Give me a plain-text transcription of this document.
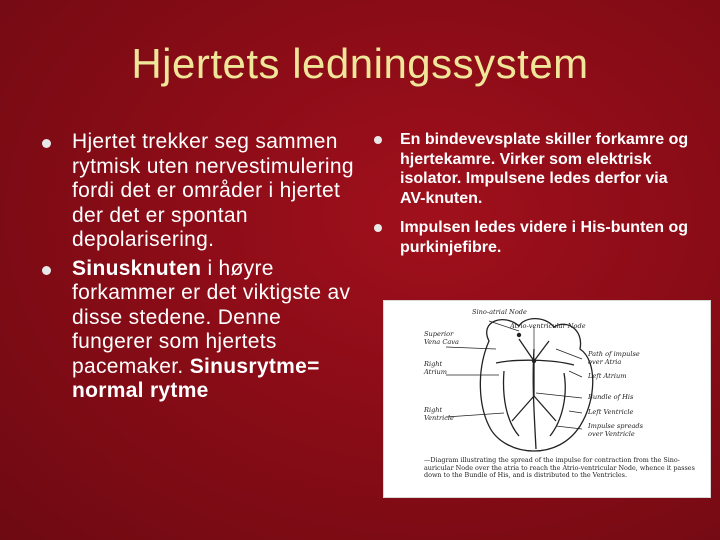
Hjertets ledningssystem
Hjertet trekker seg sammen rytmisk uten nervestimulering fordi det er områder i hjertet der det er spontan depolarisering.
Sinusknuten i høyre forkammer er det viktigste av disse stedene. Denne fungerer som hjertets pacemaker. Sinusrytme= normal rytme
En bindevevsplate skiller forkamre og hjertekamre. Virker som elektrisk isolator. Impulsene ledes derfor via AV-knuten.
Impulsen ledes videre i His-bunten og purkinjefibre.
Sino-atrial Node
Atrio-ventricular Node
Superior Vena Cava
Path of impulse over Atria
Left Atrium
Right Atrium
Bundle of His
Left Ventricle
Right Ventricle
Impulse spreads over Ventricle
—Diagram illustrating the spread of the impulse for contraction from the Sino-auricular Node over the atria to reach the Atrio-ventricular Node, whence it passes down to the Bundle of His, and is distributed to the Ventricles.
